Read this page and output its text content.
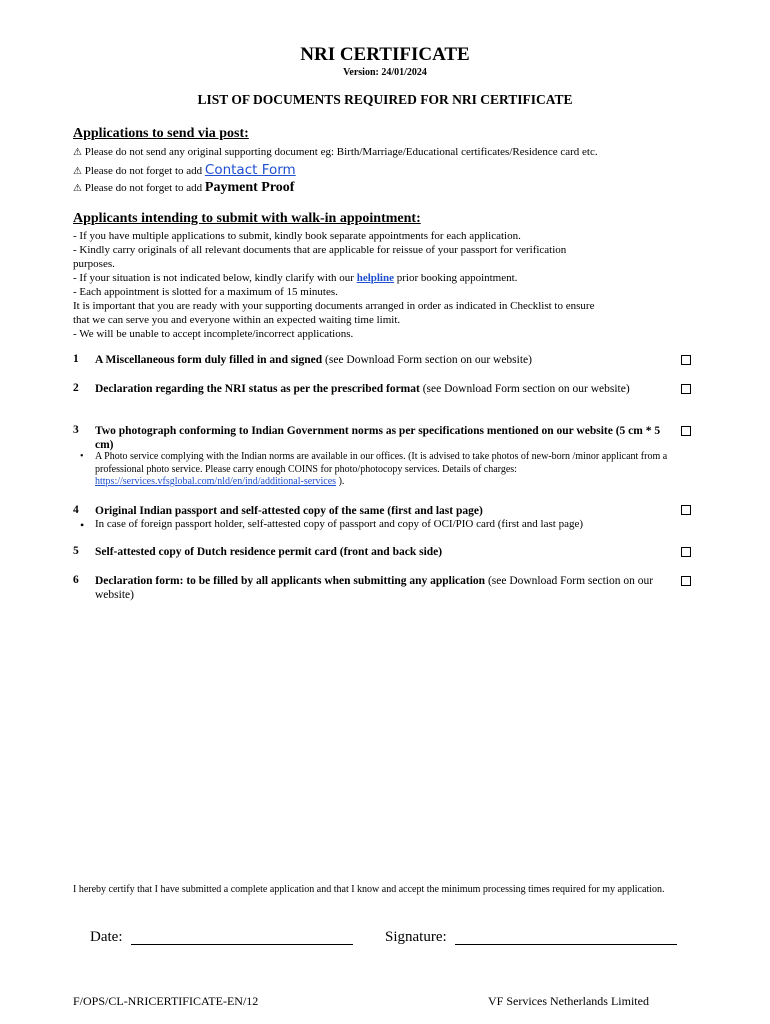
NRI CERTIFICATE
Version: 24/01/2024
LIST OF DOCUMENTS REQUIRED FOR NRI CERTIFICATE
Applications to send via post:
⚠ Please do not send any original supporting document eg: Birth/Marriage/Educational certificates/Residence card etc.
⚠ Please do not forget to add Contact Form
⚠ Please do not forget to add Payment Proof
Applicants intending to submit with walk-in appointment:
- If you have multiple applications to submit, kindly book separate appointments for each application.
- Kindly carry originals of all relevant documents that are applicable for reissue of your passport for verification
purposes.
- If your situation is not indicated below, kindly clarify with our helpline prior booking appointment.
- Each appointment is slotted for a maximum of 15 minutes.
It is important that you are ready with your supporting documents arranged in order as indicated in Checklist to ensure
that we can serve you and everyone within an expected waiting time limit.
- We will be unable to accept incomplete/incorrect applications.
1 A Miscellaneous form duly filled in and signed (see Download Form section on our website)
2 Declaration regarding the NRI status as per the prescribed format (see Download Form section on our website)
3 Two photograph conforming to Indian Government norms as per specifications mentioned on our website (5 cm * 5 cm)
• A Photo service complying with the Indian norms are available in our offices. (It is advised to take photos of new-born /minor applicant from a professional photo service. Please carry enough COINS for photo/photocopy services. Details of charges: https://services.vfsglobal.com/nld/en/ind/additional-services ).
4 Original Indian passport and self-attested copy of the same (first and last page)
• In case of foreign passport holder, self-attested copy of passport and copy of OCI/PIO card (first and last page)
5 Self-attested copy of Dutch residence permit card (front and back side)
6 Declaration form: to be filled by all applicants when submitting any application (see Download Form section on our website)
I hereby certify that I have submitted a complete application and that I know and accept the minimum processing times required for my application.
Date:	Signature:
F/OPS/CL-NRICERTIFICATE-EN/12	VF Services Netherlands Limited
